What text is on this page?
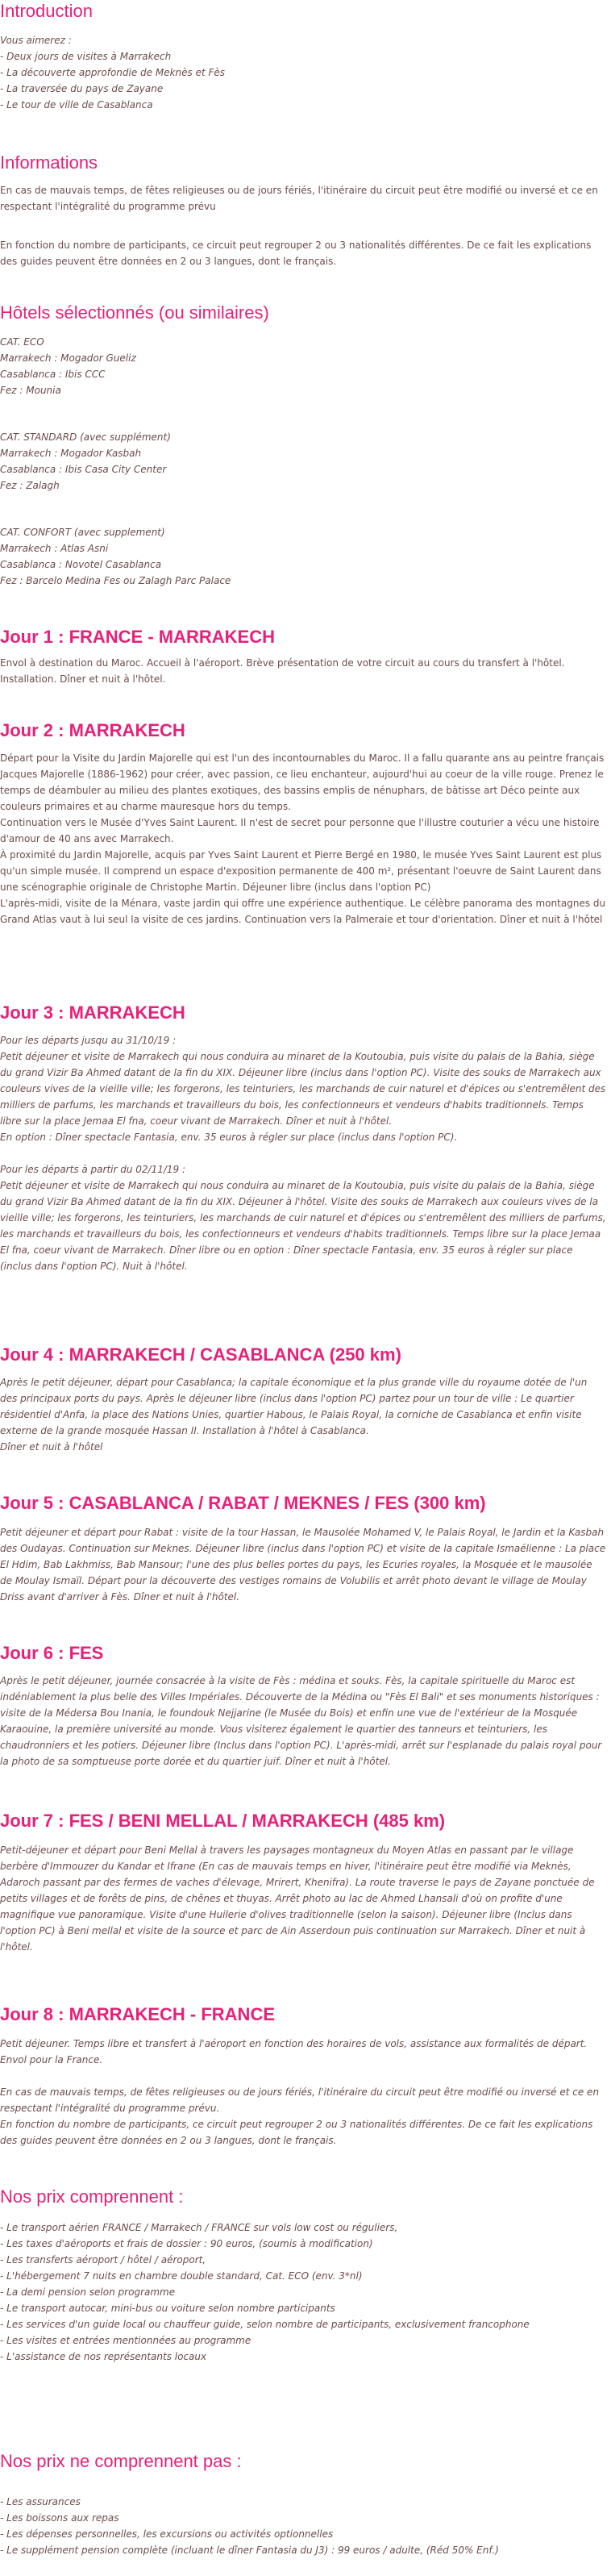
Introduction

Vous aimerez :

- Deux jours de visites à Marrakech

- La découverte approfondie de Meknès et Fès

- La traversée du pays de Zayane

- Le tour de ville de Casablanca

Informations

En cas de mauvais temps, de fêtes religieuses ou de jours fériés, l'itinéraire du circuit peut être modifié ou inversé et ce en respectant l'intégralité du programme prévu

En fonction du nombre de participants, ce circuit peut regrouper 2 ou 3 nationalités différentes. De ce fait les explications des guides peuvent être données en 2 ou 3 langues, dont le français.

Hôtels sélectionnés (ou similaires)

CAT. ECO

Marrakech : Mogador Gueliz

Casablanca : Ibis CCC

Fez : Mounia

CAT. STANDARD (avec supplément)

Marrakech : Mogador Kasbah

Casablanca : Ibis Casa City Center

Fez : Zalagh

CAT. CONFORT (avec supplement)

Marrakech : Atlas Asni

Casablanca : Novotel Casablanca

Fez : Barcelo Medina Fes ou Zalagh Parc Palace

Jour 1 : FRANCE - MARRAKECH

Envol à destination du Maroc. Accueil à l'aéroport. Brève présentation de votre circuit au cours du transfert à l'hôtel. Installation. Dîner et nuit à l'hôtel.

Jour 2 : MARRAKECH

Départ pour la Visite du Jardin Majorelle qui est l'un des incontournables du Maroc. Il a fallu quarante ans au peintre français Jacques Majorelle (1886-1962) pour créer, avec passion, ce lieu enchanteur, aujourd'hui au coeur de la ville rouge. Prenez le temps de déambuler au milieu des plantes exotiques, des bassins emplis de nénuphars, de bâtisse art Déco peinte aux couleurs primaires et au charme mauresque hors du temps.
Continuation vers le Musée d'Yves Saint Laurent. Il n'est de secret pour personne que l'illustre couturier a vécu une histoire d'amour de 40 ans avec Marrakech.
À proximité du Jardin Majorelle, acquis par Yves Saint Laurent et Pierre Bergé en 1980, le musée Yves Saint Laurent est plus qu'un simple musée. Il comprend un espace d'exposition permanente de 400 m², présentant l'oeuvre de Saint Laurent dans une scénographie originale de Christophe Martin. Déjeuner libre (inclus dans l'option PC)
L'après-midi, visite de la Ménara, vaste jardin qui offre une expérience authentique. Le célèbre panorama des montagnes du Grand Atlas vaut à lui seul la visite de ces jardins. Continuation vers la Palmeraie et tour d'orientation. Dîner et nuit à l'hôtel

Jour 3 : MARRAKECH

Pour les départs jusqu au 31/10/19 :
Petit déjeuner et visite de Marrakech qui nous conduira au minaret de la Koutoubia, puis visite du palais de la Bahia, siège du grand Vizir Ba Ahmed datant de la fin du XIX. Déjeuner libre (inclus dans l'option PC). Visite des souks de Marrakech aux couleurs vives de la vieille ville; les forgerons, les teinturiers, les marchands de cuir naturel et d'épices ou s'entremêlent des milliers de parfums, les marchands et travailleurs du bois, les confectionneurs et vendeurs d'habits traditionnels. Temps libre sur la place Jemaa El fna, coeur vivant de Marrakech. Dîner et nuit à l'hôtel.
En option : Dîner spectacle Fantasia, env. 35 euros à régler sur place (inclus dans l'option PC).

Pour les départs à partir du 02/11/19 :
Petit déjeuner et visite de Marrakech qui nous conduira au minaret de la Koutoubia, puis visite du palais de la Bahia, siège du grand Vizir Ba Ahmed datant de la fin du XIX. Déjeuner à l'hôtel. Visite des souks de Marrakech aux couleurs vives de la vieille ville; les forgerons, les teinturiers, les marchands de cuir naturel et d'épices ou s'entremêlent des milliers de parfums, les marchands et travailleurs du bois, les confectionneurs et vendeurs d'habits traditionnels. Temps libre sur la place Jemaa El fna, coeur vivant de Marrakech. Dîner libre ou en option : Dîner spectacle Fantasia, env. 35 euros à régler sur place (inclus dans l'option PC). Nuit à l'hôtel.

Jour 4 : MARRAKECH / CASABLANCA (250 km)

Après le petit déjeuner, départ pour Casablanca; la capitale économique et la plus grande ville du royaume dotée de l'un des principaux ports du pays. Après le déjeuner libre (inclus dans l'option PC) partez pour un tour de ville : Le quartier résidentiel d'Anfa, la place des Nations Unies, quartier Habous, le Palais Royal, la corniche de Casablanca et enfin visite externe de la grande mosquée Hassan II. Installation à l'hôtel à Casablanca.
Dîner et nuit à l'hôtel

Jour 5 : CASABLANCA / RABAT / MEKNES / FES (300 km)

Petit déjeuner et départ pour Rabat : visite de la tour Hassan, le Mausolée Mohamed V, le Palais Royal, le Jardin et la Kasbah des Oudayas. Continuation sur Meknes. Déjeuner libre (inclus dans l'option PC) et visite de la capitale Ismaélienne : La place El Hdim, Bab Lakhmiss, Bab Mansour; l'une des plus belles portes du pays, les Ecuries royales, la Mosquée et le mausolée de Moulay Ismaïl. Départ pour la découverte des vestiges romains de Volubilis et arrêt photo devant le village de Moulay Driss avant d'arriver à Fès. Dîner et nuit à l'hôtel.

Jour 6 : FES

Après le petit déjeuner, journée consacrée à la visite de Fès : médina et souks. Fès, la capitale spirituelle du Maroc est indéniablement la plus belle des Villes Impériales. Découverte de la Médina ou "Fès El Bali" et ses monuments historiques : visite de la Médersa Bou Inania, le foundouk Nejjarine (le Musée du Bois) et enfin une vue de l'extérieur de la Mosquée Karaouine, la première université au monde. Vous visiterez également le quartier des tanneurs et teinturiers, les chaudronniers et les potiers. Déjeuner libre (Inclus dans l'option PC). L'après-midi, arrêt sur l'esplanade du palais royal pour la photo de sa somptueuse porte dorée et du quartier juif. Dîner et nuit à l'hôtel.

Jour 7 : FES / BENI MELLAL / MARRAKECH (485 km)

Petit-déjeuner et départ pour Beni Mellal à travers les paysages montagneux du Moyen Atlas en passant par le village berbère d'Immouzer du Kandar et Ifrane (En cas de mauvais temps en hiver, l'itinéraire peut être modifié via Meknès, Adaroch passant par des fermes de vaches d'élevage, Mrirert, Khenifra). La route traverse le pays de Zayane ponctuée de petits villages et de forêts de pins, de chênes et thuyas. Arrêt photo au lac de Ahmed Lhansali d'où on profite d'une magnifique vue panoramique. Visite d'une Huilerie d'olives traditionnelle (selon la saison). Déjeuner libre (Inclus dans l'option PC) à Beni mellal et visite de la source et parc de Ain Asserdoun puis continuation sur Marrakech. Dîner et nuit à l'hôtel.

Jour 8 : MARRAKECH - FRANCE

Petit déjeuner. Temps libre et transfert à l'aéroport en fonction des horaires de vols, assistance aux formalités de départ. Envol pour la France.

En cas de mauvais temps, de fêtes religieuses ou de jours fériés, l'itinéraire du circuit peut être modifié ou inversé et ce en respectant l'intégralité du programme prévu.
En fonction du nombre de participants, ce circuit peut regrouper 2 ou 3 nationalités différentes. De ce fait les explications des guides peuvent être données en 2 ou 3 langues, dont le français.

Nos prix comprennent :

- Le transport aérien FRANCE / Marrakech / FRANCE sur vols low cost ou réguliers,

- Les taxes d'aéroports et frais de dossier : 90 euros, (soumis à modification)

- Les transferts aéroport / hôtel / aéroport,

- L'hébergement 7 nuits en chambre double standard, Cat. ECO (env. 3*nl)

- La demi pension selon programme

- Le transport autocar, mini-bus ou voiture selon nombre participants

- Les services d'un guide local ou chauffeur guide, selon nombre de participants, exclusivement francophone

- Les visites et entrées mentionnées au programme

- L'assistance de nos représentants locaux

Nos prix ne comprennent pas :

- Les assurances

- Les boissons aux repas

- Les dépenses personnelles, les excursions ou activités optionnelles

- Le supplément pension complète (incluant le dîner Fantasia du J3) : 99 euros / adulte, (Réd 50% Enf.)
